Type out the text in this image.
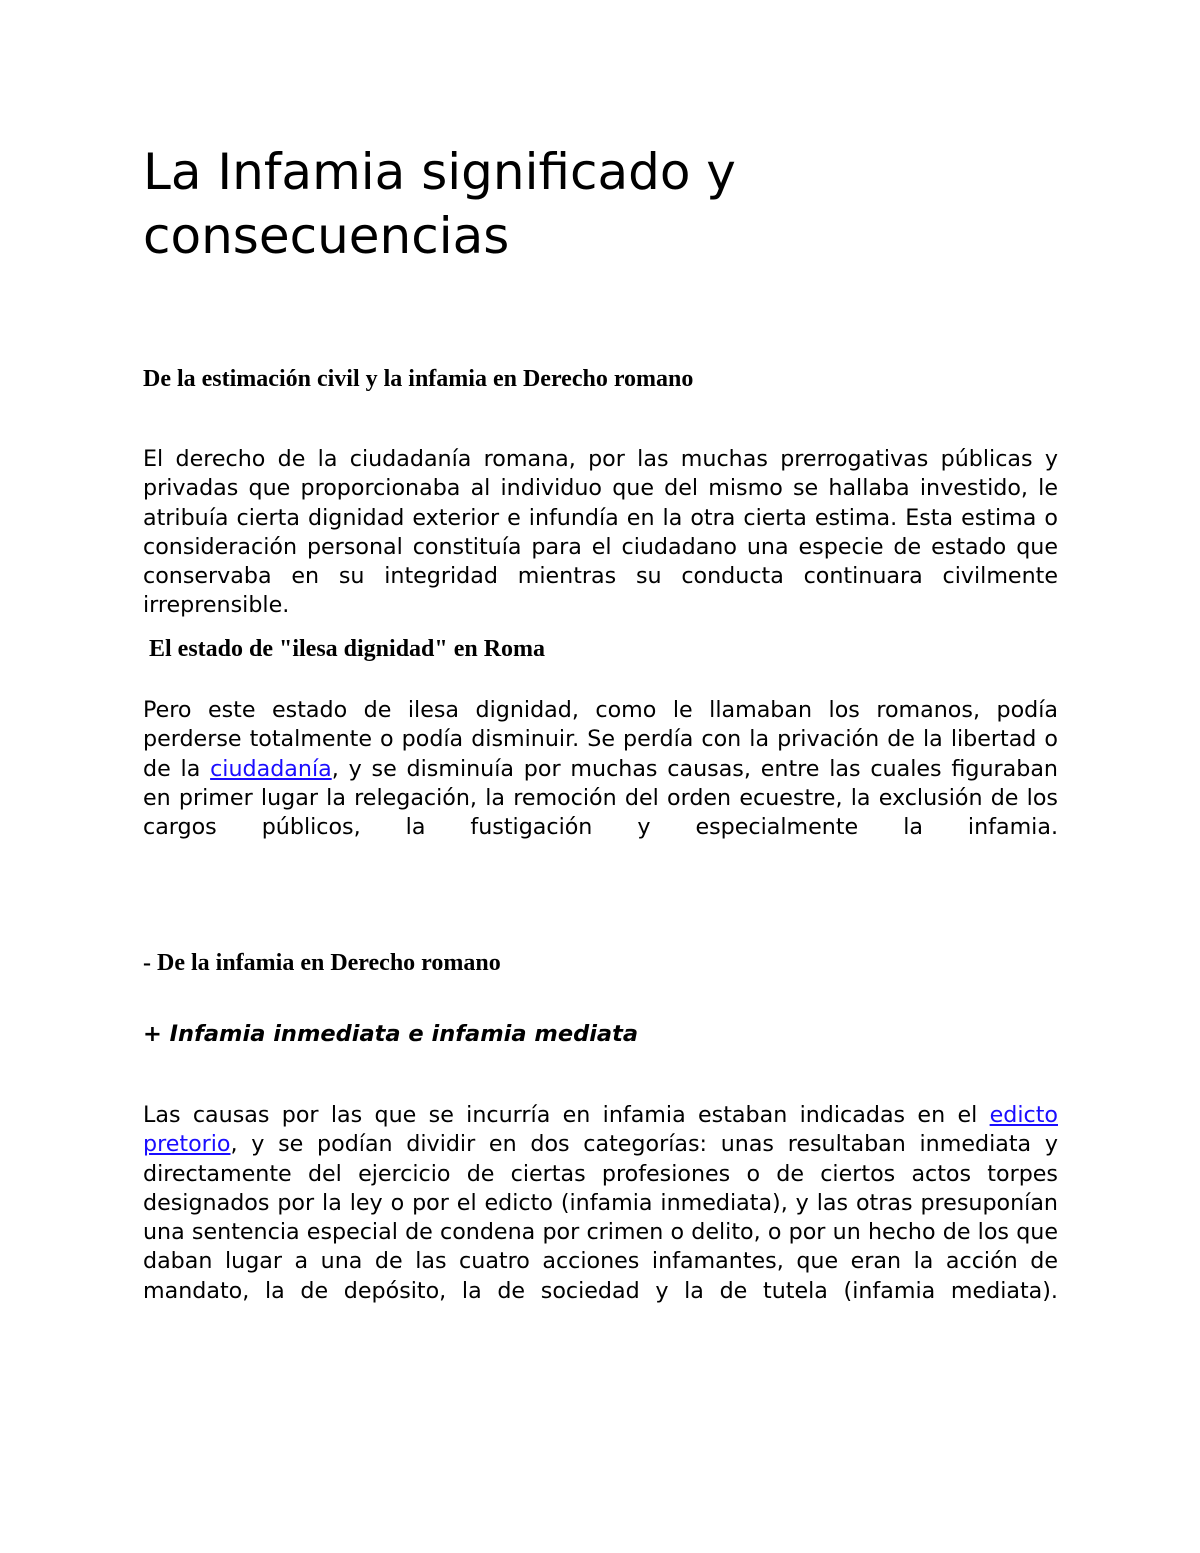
La Infamia significado y consecuencias
De la estimación civil y la infamia en Derecho romano

El derecho de la ciudadanía romana, por las muchas prerrogativas públicas y privadas que proporcionaba al individuo que del mismo se hallaba investido, le atribuía cierta dignidad exterior e infundía en la otra cierta estima. Esta estima o consideración personal constituía para el ciudadano una especie de estado que conservaba en su integridad mientras su conducta continuara civilmente irreprensible.

El estado de "ilesa dignidad" en Roma

Pero este estado de ilesa dignidad, como le llamaban los romanos, podía perderse totalmente o podía disminuir. Se perdía con la privación de la libertad o de la ciudadanía, y se disminuía por muchas causas, entre las cuales figuraban en primer lugar la relegación, la remoción del orden ecuestre, la exclusión de los cargos públicos, la fustigación y especialmente la infamia.

- De la infamia en Derecho romano
+ Infamia inmediata e infamia mediata

Las causas por las que se incurría en infamia estaban indicadas en el edicto pretorio, y se podían dividir en dos categorías: unas resultaban inmediata y directamente del ejercicio de ciertas profesiones o de ciertos actos torpes designados por la ley o por el edicto (infamia inmediata), y las otras presuponían una sentencia especial de condena por crimen o delito, o por un hecho de los que daban lugar a una de las cuatro acciones infamantes, que eran la acción de mandato, la de depósito, la de sociedad y la de tutela (infamia mediata).
